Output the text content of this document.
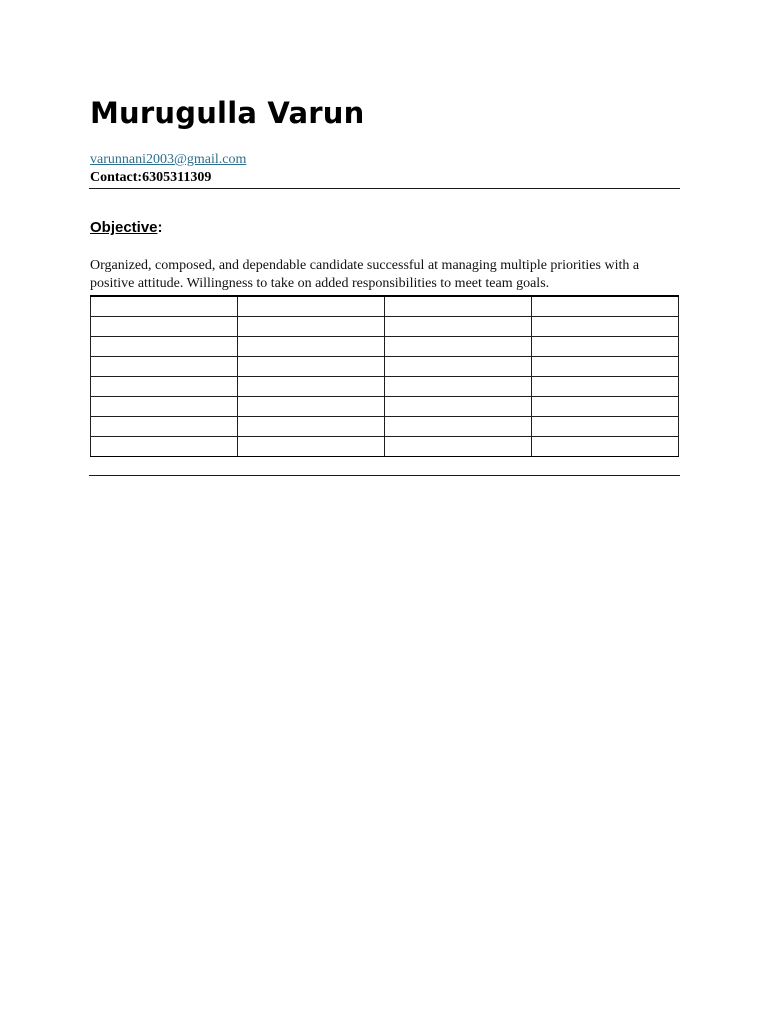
Murugulla Varun
varunnani2003@gmail.com
Contact:6305311309
Objective:

Organized, composed, and dependable candidate successful at managing multiple priorities with a positive attitude. Willingness to take on added responsibilities to meet team goals.
